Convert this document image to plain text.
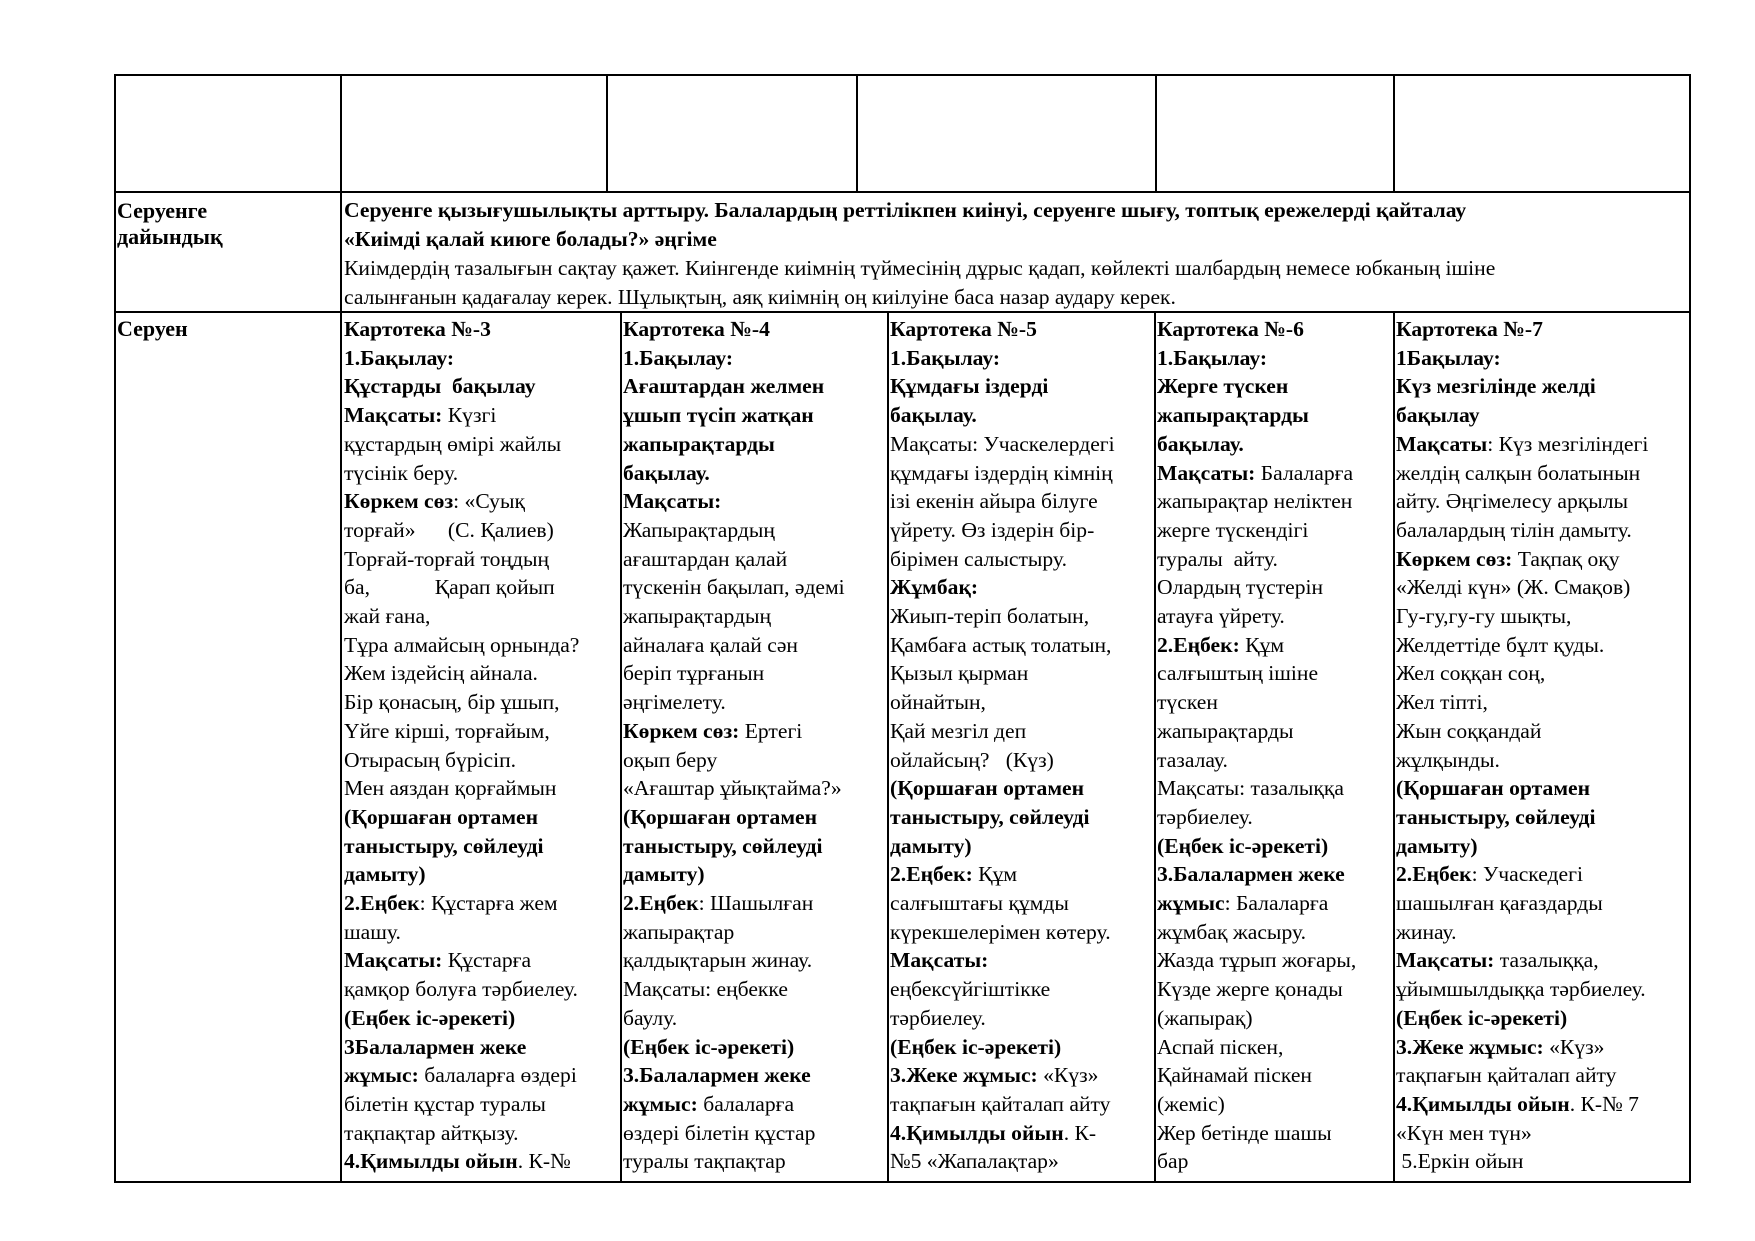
Серуенге
дайындық
Серуен
Серуенге қызығушылықты арттыру. Балалардың реттілікпен киінуі, серуенге шығу, топтық ережелерді қайталау
«Киімді қалай киюге болады?» әңгіме
Киімдердің тазалығын сақтау қажет. Киінгенде киімнің түймесінің дұрыс қадап, көйлекті шалбардың немесе юбканың ішіне
салынғанын қадағалау керек. Шұлықтың, аяқ киімнің оң киілуіне баса назар аудару керек.
Картотека №-3
1.Бақылау:
Құстарды  бақылау
Мақсаты: Күзгі
құстардың өмірі жайлы
түсінік беру.
Көркем сөз: «Суық
торғай»      (С. Қалиев)
Торғай-торғай тоңдың
ба,            Қарап қойып
жай ғана,
Тұра алмайсың орнында?
Жем іздейсің айнала.
Бір қонасың, бір ұшып,
Үйге кірші, торғайым,
Отырасың бүрісіп.
Мен аяздан қорғаймын
(Қоршаған ортамен
таныстыру, сөйлеуді
дамыту)
2.Еңбек: Құстарға жем
шашу.
Мақсаты: Құстарға
қамқор болуға тәрбиелеу.
(Еңбек іс-әрекеті)
3Балалармен жеке
жұмыс: балаларға өздері
білетін құстар туралы
тақпақтар айтқызу.
4.Қимылды ойын. К-№
Картотека №-4
1.Бақылау:
Ағаштардан желмен
ұшып түсіп жатқан
жапырақтарды
бақылау.
Мақсаты:
Жапырақтардың
ағаштардан қалай
түскенін бақылап, әдемі
жапырақтардың
айналаға қалай сән
беріп тұрғанын
әңгімелету.
Көркем сөз: Ертегі
оқып беру
«Ағаштар ұйықтайма?»
(Қоршаған ортамен
таныстыру, сөйлеуді
дамыту)
2.Еңбек: Шашылған
жапырақтар
қалдықтарын жинау.
Мақсаты: еңбекке
баулу.
(Еңбек іс-әрекеті)
3.Балалармен жеке
жұмыс: балаларға
өздері білетін құстар
туралы тақпақтар
Картотека №-5
1.Бақылау:
Құмдағы іздерді
бақылау.
Мақсаты: Учаскелердегі
құмдағы іздердің кімнің
ізі екенін айыра білуге
үйрету. Өз іздерін бір-
бірімен салыстыру.
Жұмбақ:
Жиып-теріп болатын,
Қамбаға астық толатын,
Қызыл қырман
ойнайтын,
Қай мезгіл деп
ойлайсың?   (Күз)
(Қоршаған ортамен
таныстыру, сөйлеуді
дамыту)
2.Еңбек: Құм
салғыштағы құмды
күрекшелерімен көтеру.
Мақсаты:
еңбексүйгіштікке
тәрбиелеу.
(Еңбек іс-әрекеті)
3.Жеке жұмыс: «Күз»
тақпағын қайталап айту
4.Қимылды ойын. К-
№5 «Жапалақтар»
Картотека №-6
1.Бақылау:
Жерге түскен
жапырақтарды
бақылау.
Мақсаты: Балаларға
жапырақтар неліктен
жерге түскендігі
туралы  айту.
Олардың түстерін
атауға үйрету.
2.Еңбек: Құм
салғыштың ішіне
түскен
жапырақтарды
тазалау.
Мақсаты: тазалыққа
тәрбиелеу.
(Еңбек іс-әрекеті)
3.Балалармен жеке
жұмыс: Балаларға
жұмбақ жасыру.
Жазда тұрып жоғары,
Күзде жерге қонады
(жапырақ)
Аспай піскен,
Қайнамай піскен
(жеміс)
Жер бетінде шашы
бар
Картотека №-7
1Бақылау:
Күз мезгілінде желді
бақылау
Мақсаты: Күз мезгіліндегі
желдің салқын болатынын
айту. Әңгімелесу арқылы
балалардың тілін дамыту.
Көркем сөз: Тақпақ оқу
«Желді күн» (Ж. Смақов)
Гу-гу,гу-гу шықты,
Желдеттіде бұлт қуды.
Жел соққан соң,
Жел тіпті,
Жын соққандай
жұлқынды.
(Қоршаған ортамен
таныстыру, сөйлеуді
дамыту)
2.Еңбек: Учаскедегі
шашылған қағаздарды
жинау.
Мақсаты: тазалыққа,
ұйымшылдыққа тәрбиелеу.
(Еңбек іс-әрекеті)
3.Жеке жұмыс: «Күз»
тақпағын қайталап айту
4.Қимылды ойын. К-№ 7
«Күн мен түн»
5.Еркін ойын
